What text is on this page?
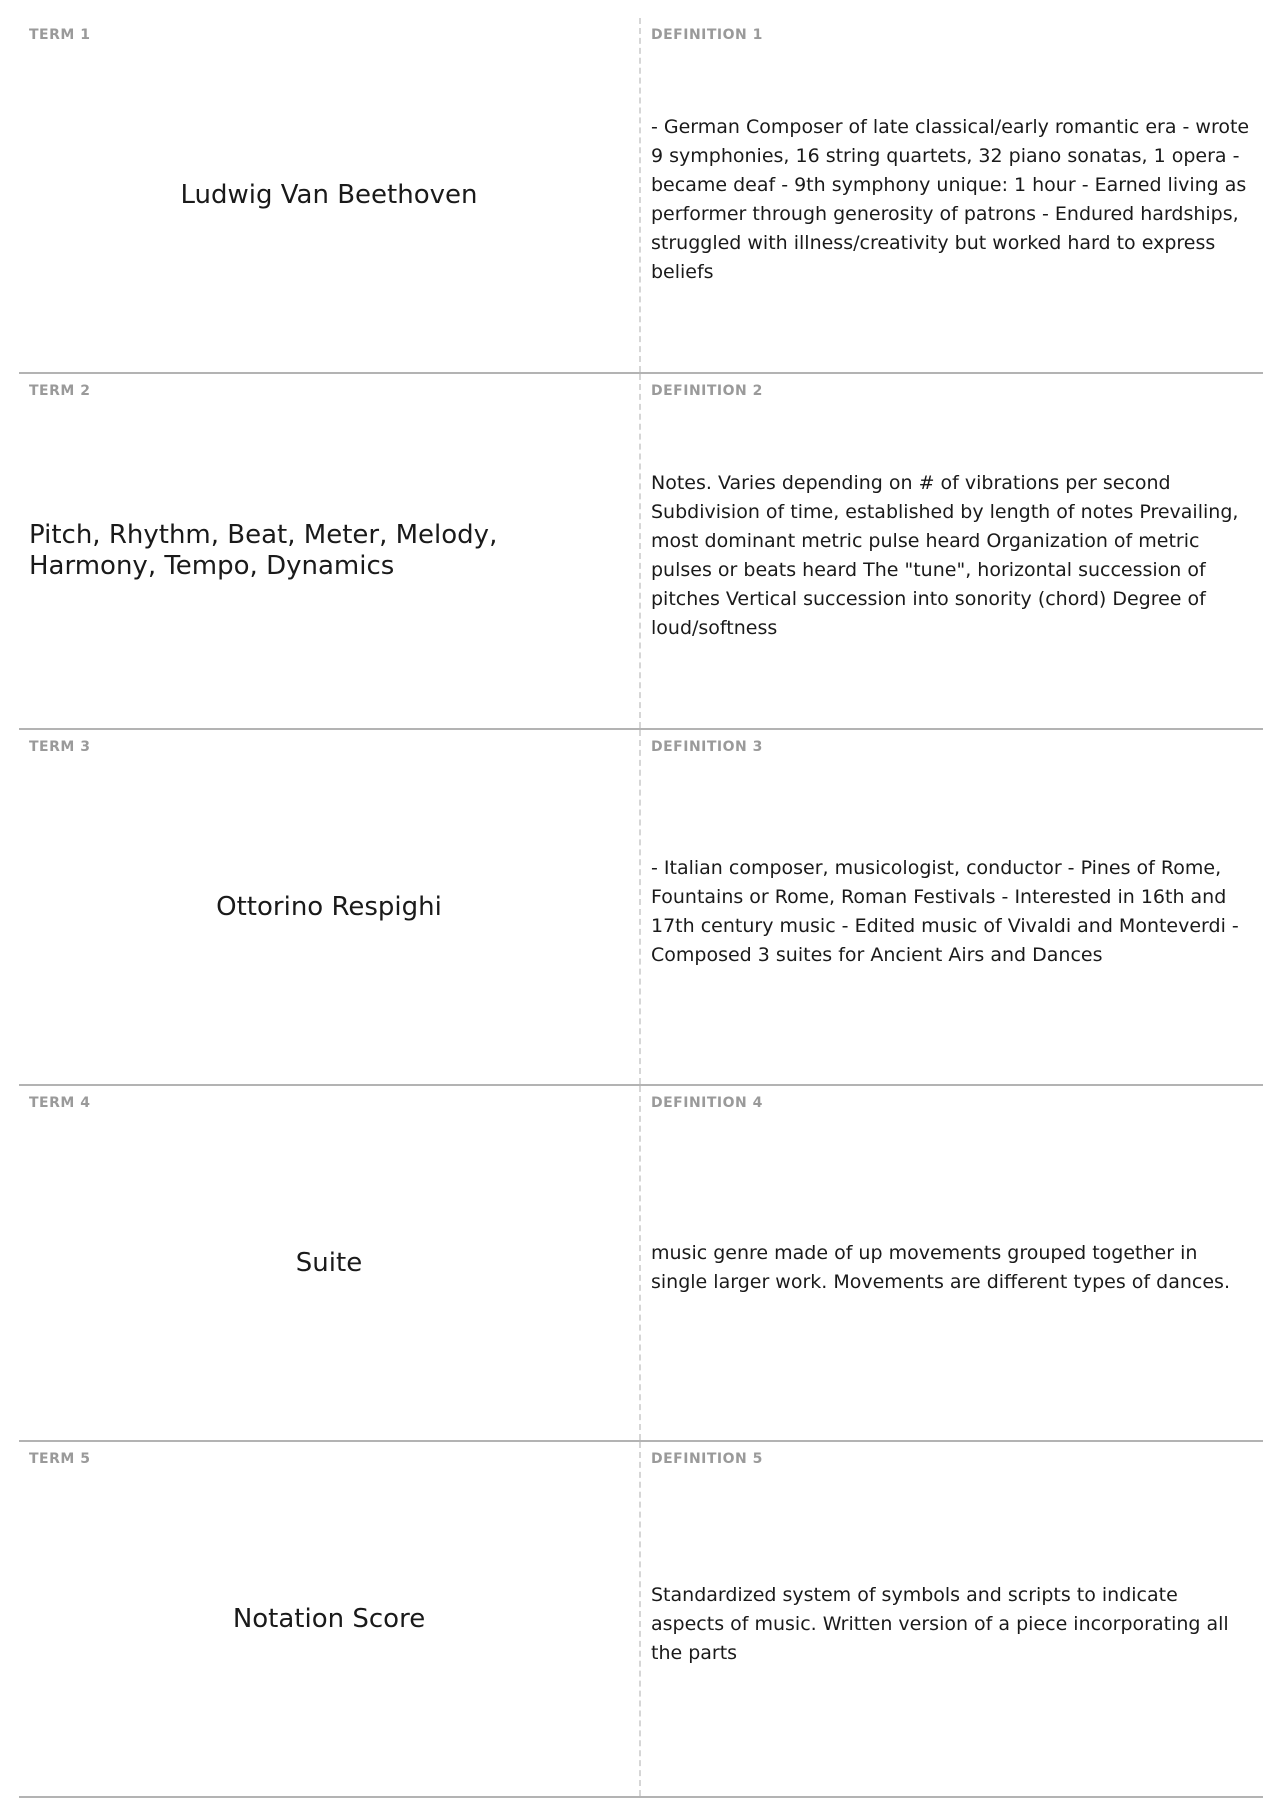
TERM 1
Ludwig Van Beethoven
DEFINITION 1
- German Composer of late classical/early romantic era - wrote 9 symphonies, 16 string quartets, 32 piano sonatas, 1 opera - became deaf - 9th symphony unique: 1 hour - Earned living as performer through generosity of patrons - Endured hardships, struggled with illness/creativity but worked hard to express beliefs
TERM 2
Pitch, Rhythm, Beat, Meter, Melody, Harmony, Tempo, Dynamics
DEFINITION 2
Notes. Varies depending on # of vibrations per second Subdivision of time, established by length of notes Prevailing, most dominant metric pulse heard Organization of metric pulses or beats heard The "tune", horizontal succession of pitches Vertical succession into sonority (chord) Degree of loud/softness
TERM 3
Ottorino Respighi
DEFINITION 3
- Italian composer, musicologist, conductor - Pines of Rome, Fountains or Rome, Roman Festivals - Interested in 16th and 17th century music - Edited music of Vivaldi and Monteverdi - Composed 3 suites for Ancient Airs and Dances
TERM 4
Suite
DEFINITION 4
music genre made of up movements grouped together in single larger work. Movements are different types of dances.
TERM 5
Notation Score
DEFINITION 5
Standardized system of symbols and scripts to indicate aspects of music. Written version of a piece incorporating all the parts
